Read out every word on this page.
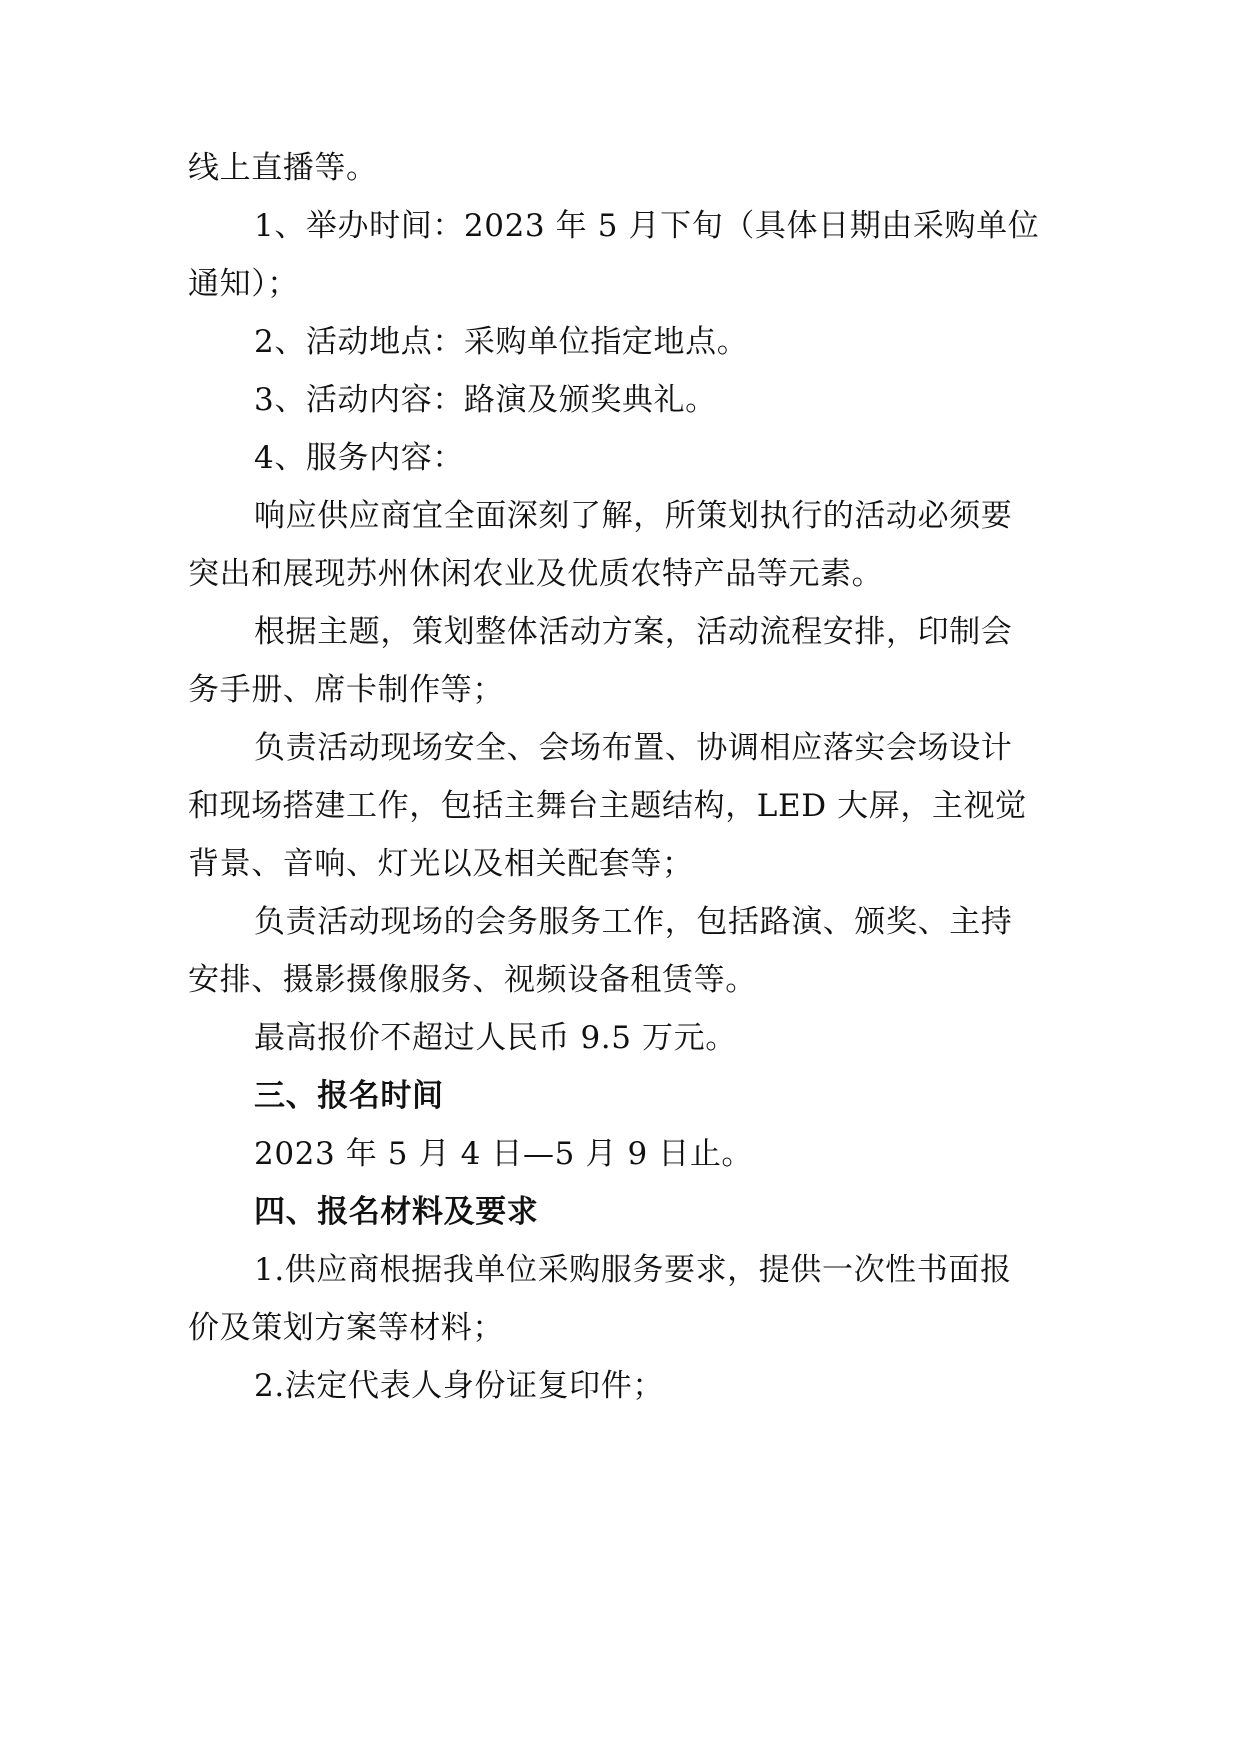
线上直播等。
1、举办时间：2023 年 5 月下旬（具体日期由采购单位
通知）；
2、活动地点：采购单位指定地点。
3、活动内容：路演及颁奖典礼。
4、服务内容：
响应供应商宜全面深刻了解，所策划执行的活动必须要
突出和展现苏州休闲农业及优质农特产品等元素。
根据主题，策划整体活动方案，活动流程安排，印制会
务手册、席卡制作等；
负责活动现场安全、会场布置、协调相应落实会场设计
和现场搭建工作，包括主舞台主题结构，LED 大屏，主视觉
背景、音响、灯光以及相关配套等；
负责活动现场的会务服务工作，包括路演、颁奖、主持
安排、摄影摄像服务、视频设备租赁等。
最高报价不超过人民币 9.5 万元。
三、报名时间
2023 年 5 月 4 日—5 月 9 日止。
四、报名材料及要求
1.供应商根据我单位采购服务要求，提供一次性书面报
价及策划方案等材料；
2.法定代表人身份证复印件；
